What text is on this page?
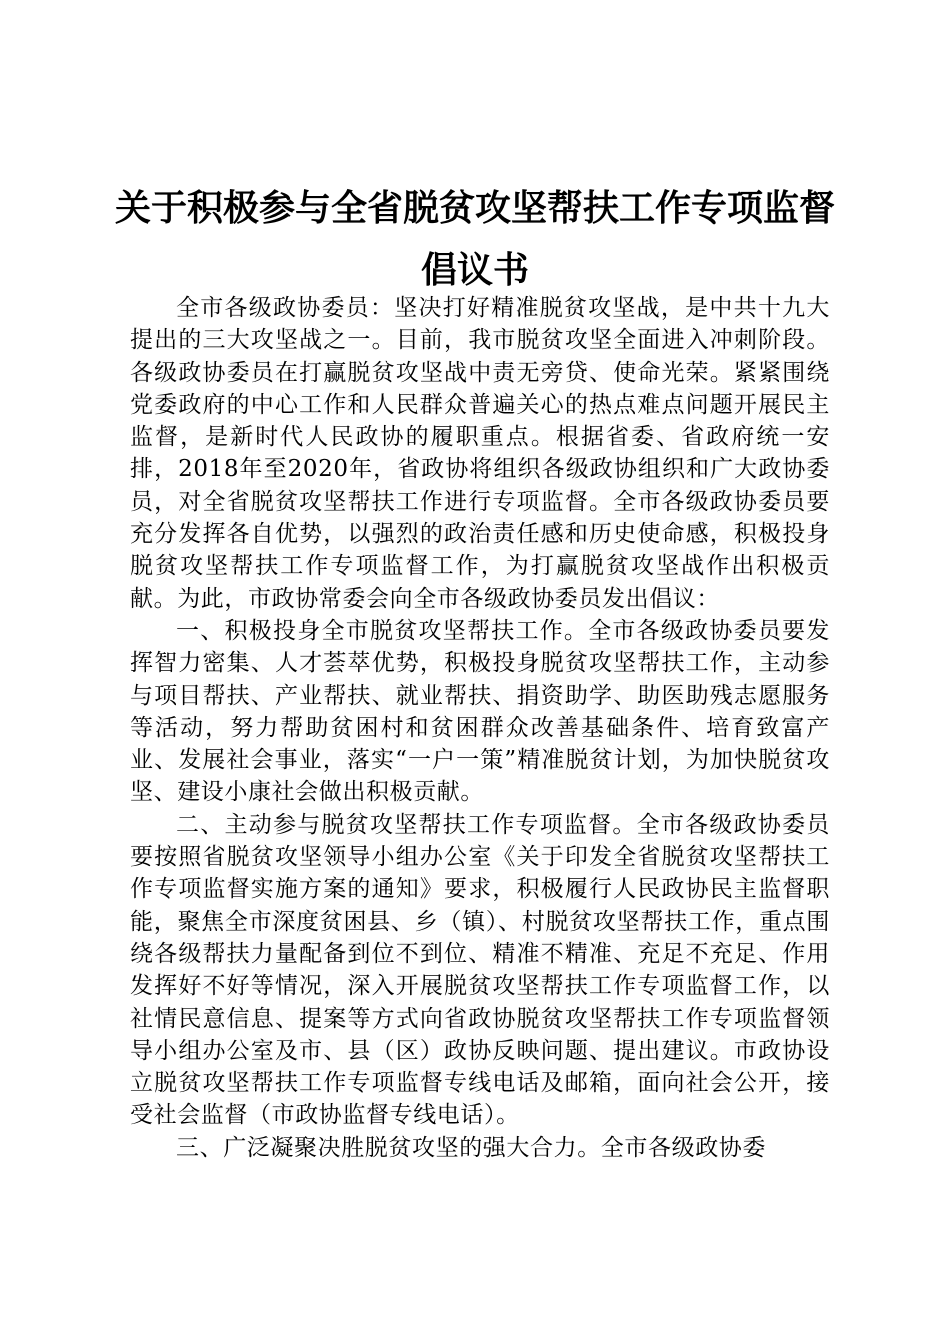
关于积极参与全省脱贫攻坚帮扶工作专项监督
倡议书

全市各级政协委员：坚决打好精准脱贫攻坚战，是中共十九大提出的三大攻坚战之一。目前，我市脱贫攻坚全面进入冲刺阶段。各级政协委员在打赢脱贫攻坚战中责无旁贷、使命光荣。紧紧围绕党委政府的中心工作和人民群众普遍关心的热点难点问题开展民主监督，是新时代人民政协的履职重点。根据省委、省政府统一安排，2018年至2020年，省政协将组织各级政协组织和广大政协委员，对全省脱贫攻坚帮扶工作进行专项监督。全市各级政协委员要充分发挥各自优势，以强烈的政治责任感和历史使命感，积极投身脱贫攻坚帮扶工作专项监督工作，为打赢脱贫攻坚战作出积极贡献。为此，市政协常委会向全市各级政协委员发出倡议：

一、积极投身全市脱贫攻坚帮扶工作。全市各级政协委员要发挥智力密集、人才荟萃优势，积极投身脱贫攻坚帮扶工作，主动参与项目帮扶、产业帮扶、就业帮扶、捐资助学、助医助残志愿服务等活动，努力帮助贫困村和贫困群众改善基础条件、培育致富产业、发展社会事业，落实“一户一策”精准脱贫计划，为加快脱贫攻坚、建设小康社会做出积极贡献。

二、主动参与脱贫攻坚帮扶工作专项监督。全市各级政协委员要按照省脱贫攻坚领导小组办公室《关于印发全省脱贫攻坚帮扶工作专项监督实施方案的通知》要求，积极履行人民政协民主监督职能，聚焦全市深度贫困县、乡（镇）、村脱贫攻坚帮扶工作，重点围绕各级帮扶力量配备到位不到位、精准不精准、充足不充足、作用发挥好不好等情况，深入开展脱贫攻坚帮扶工作专项监督工作，以社情民意信息、提案等方式向省政协脱贫攻坚帮扶工作专项监督领导小组办公室及市、县（区）政协反映问题、提出建议。市政协设立脱贫攻坚帮扶工作专项监督专线电话及邮箱，面向社会公开，接受社会监督（市政协监督专线电话）。

三、广泛凝聚决胜脱贫攻坚的强大合力。全市各级政协委
